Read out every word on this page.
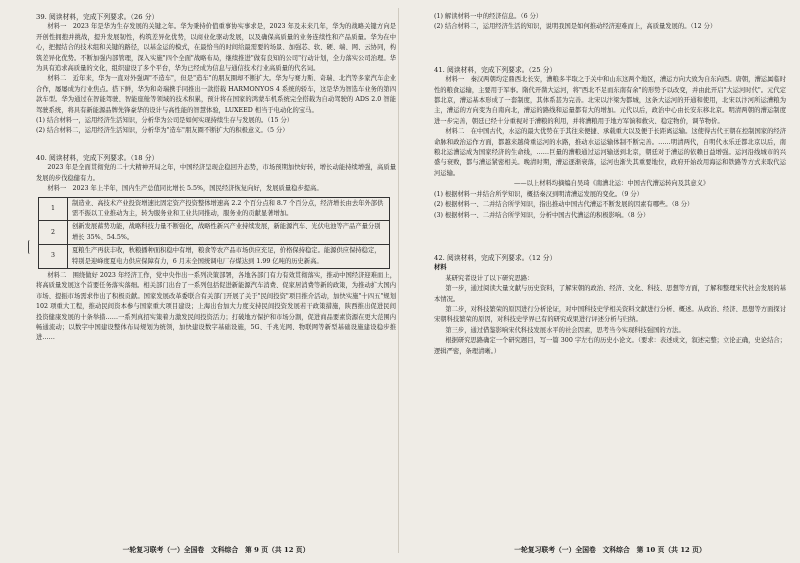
39. 阅读材料，完成下列要求。（26 分）

材料一　2023 年是华为生存发展的关键之年。华为秉持价值重事协实事求是，2023 年及未来几年，华为的战略关键方向是开创性拥抱并挑战，提升发展韧性，构筑差异化优势，以商业化驱动发展，以及确保高质量的业务连续性和产品质量。华为在中心，把握结合的技术组和关键的路径，以基金运的模式，在最恰当的时间给最需要的场景、加强芯、软、硬、端、网、云协同，构筑差异化优势。不断加强内部管理，深入实施"四个全面"战略布局，继续推进"做有良知的公司"行动计划，全力落实公司治理。华为具有追求高质量的文化，组织建设了多个平台，华为已经成为信息与通信技术行业高质量的代名词。

材料二　近年来，华为一直对外强调"不造车"，但是"造车"的朋友圈却不断扩大。华为与赛力斯、奇瑞、北汽等多家汽车企业合作，屡屡成为行业焦点。搭下鲜，华为和奇瑞携手同推出一款搭载 HARMONYOS 4 系统的轿车，这是华为智选车业务的第四款车型。华为通过在智能驾驶、智能座舱等领域的技术积累，预计将在国家的鸿蒙车机系统完全搭载为自动驾驶的 ADS 2.0 智能驾驶系统，将具有新能源品牌先锋豪华的设计与高性能的智慧体验，LUXEED 相当于电动化的宝马。

(1) 结合材料一，运用经济生活知识，分析华为公司是如何实现持续生存与发展的。（15 分）

(2) 结合材料二，运用经济生活知识，分析华为"造车"朋友圈不断扩大的积极意义。（5 分）

40. 阅读材料，完成下列要求。（18 分）

2023 年是全面贯彻党的二十大精神开局之年，中国经济呈现企稳回升态势，市场预期加快好转，增长动能持续增强，高质量发展的步伐稳健有力。

材料一　2023 年上半年，国内生产总值同比增长 5.5%，国民经济恢复向好，发展质量稳步提高。

1	制造业、高技术产业投资增速比固定资产投资整体增速高 2.2 个百分点和 8.7 个百分点，经济增长由去年外部供需不振以工业推动为主，转为服务业和工业共同推动，服务业的贡献显著增加。
2	创新发展蓄势功能，战略科技力量不断强化，战略性新兴产业持续发展，新能源汽车、光伏电池等产品产量分别增长 35%、54.5%。
3	夏粮生产再获丰收，秋粮播种面积稳中有增，粮食等农产品市场供应充足，价格保持稳定。能源供应保持稳定，特别是迎峰度夏电力供应保障有力，6 月末全国统调电厂存煤达到 1.99 亿吨的历史新高。

材料二　围绕做好 2023 年经济工作，党中央作出一系列决策部署，各地各部门有力有效贯彻落实，推动中国经济迎难而上，将高质量发展这个首要任务落实落细。相关部门出台了一系列包括促进新能源汽车消费、促家居消费等新的政策，为推动扩大国内市场、提振市场需求作出了积极贡献。国家发展改革委联合有关部门开展了关于"民间投资"项目推介活动，加快实施"十四五"规划 102 项重大工程，推动民间资本参与国家重大项目建设；上海出台加大力度支持民间投资发展若干政策措施，陕西推出促进民间投资健康发展的十条举措……一系列真招实策着力激发民间投资活力；打破地方保护和市场分割，促进商品要素资源在更大范围内畅通流动；以数字中国建设整体布局规划为统领，加快建设数字基础设施，5G、千兆光网、物联网等新型基础设施建设稳步推进……

(1) 解读材料一中的经济信息。（6 分）

(2) 结合材料二，运用经济生活的知识，说明我国是如何推动经济迎难而上，高质量发展的。（12 分）

41. 阅读材料，完成下列要求。（25 分）

材料一　秦汉两朝均定鼎西北长安，漕粮多半取之于关中和山东这两个地区，漕运方向大致为自东向西。唐朝，漕运属临时性的粮食运输，主要用于军事。隋代开凿大运河，将"西北不足而东南有余"的形势予以改变，并由此开启"大运河时代"。元代定都北京，漕运基本形成了一套制度，其体系甚为完善。北宋以汴梁为都城，这条大运河的开通和使用，北宋以汴河所运漕粮为主，漕运的方向变为自南向北，漕运的路线和运量都有大的增加。元代以后，政治中心由长安东移北京。明清两朝的漕运制度进一步完善，朝廷已经十分重视对于漕粮的利用，并将漕粮用于地方军饷和救灾、稳定物价，调节物价。

材料二　在中国古代，水运的最大优势在于其往来便捷、承载重大以及便于长距离运输。这使得古代王朝在控制国家的经济命脉和政治运作方面，都越来越倚重运河的水路，推动水运运输体制不断完善。……明清两代，自明代永乐迁都北京以后，南粮北运漕运成为国家经济的生命线，……巨量的漕粮通过运河输送到北京，朝廷对于漕运的依赖日益增强。运河沿线城市的兴盛与衰败，都与漕运紧密相关。晚清时期，漕运逐渐衰落，运河也渐失其重要地位，政府开始改用海运和铁路等方式来取代运河运输。

——以上材料均摘编自吴琦《南漕北运：中国古代漕运转向及其意义》

(1) 根据材料一并结合所学知识，概括秦汉到明清漕运发展的变化。（9 分）

(2) 根据材料一、二并结合所学知识，指出推动中国古代漕运不断发展的因素有哪些。（8 分）

(3) 根据材料一、二并结合所学知识，分析中国古代漕运的积极影响。（8 分）

42. 阅读材料，完成下列要求。（12 分）

材料

某研究者设计了以下研究思路：

第一步，通过阅读大量文献与历史资料，了解宋朝的政治、经济、文化、科技、思想等方面，了解和整理宋代社会发展的基本情况。

第二步，对科技繁荣的原因进行分析论证，对中国科技史学相关资料文献进行分析、概述。从政治、经济、思想等方面探讨宋朝科技繁荣的原因，对科技史学界已有的研究成果进行评述分析与归纳。

第三步，通过借鉴影响宋代科技发展水平的社会因素，思考当今实现科技强国的方法。

根据研究思路确定一个研究题目，写一篇 300 字左右的历史小论文。（要求：表述成文，叙述完整；立论正确，史论结合；逻辑严密，条理清晰。）

一轮复习联考（一）全国卷　文科综合　第 9 页（共 12 页）	一轮复习联考（一）全国卷　文科综合　第 10 页（共 12 页）
